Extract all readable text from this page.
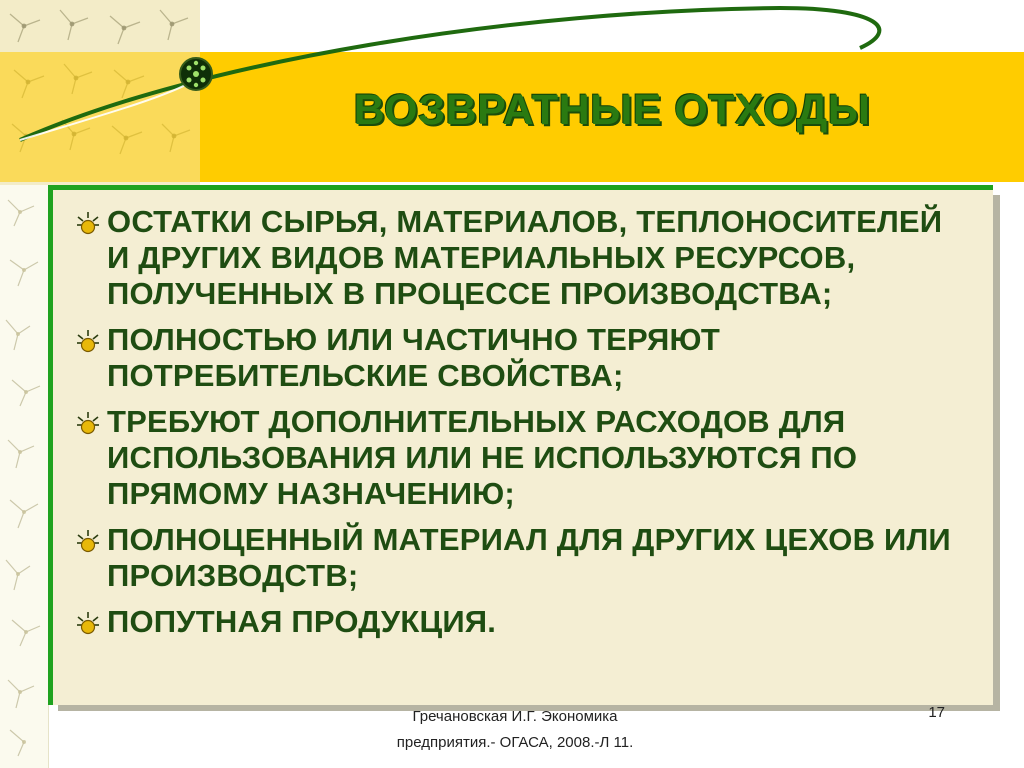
ВОЗВРАТНЫЕ ОТХОДЫ
ОСТАТКИ СЫРЬЯ, МАТЕРИАЛОВ, ТЕПЛОНОСИТЕЛЕЙ
И ДРУГИХ ВИДОВ МАТЕРИАЛЬНЫХ РЕСУРСОВ,
ПОЛУЧЕННЫХ В ПРОЦЕССЕ ПРОИЗВОДСТВА;
ПОЛНОСТЬЮ ИЛИ ЧАСТИЧНО ТЕРЯЮТ
ПОТРЕБИТЕЛЬСКИЕ СВОЙСТВА;
ТРЕБУЮТ ДОПОЛНИТЕЛЬНЫХ РАСХОДОВ ДЛЯ
ИСПОЛЬЗОВАНИЯ ИЛИ НЕ ИСПОЛЬЗУЮТСЯ ПО
ПРЯМОМУ НАЗНАЧЕНИЮ;
ПОЛНОЦЕННЫЙ МАТЕРИАЛ ДЛЯ ДРУГИХ ЦЕХОВ ИЛИ
ПРОИЗВОДСТВ;
ПОПУТНАЯ ПРОДУКЦИЯ.
Гречановская И.Г. Экономика
предприятия.- ОГАСА, 2008.-Л 11.
17
